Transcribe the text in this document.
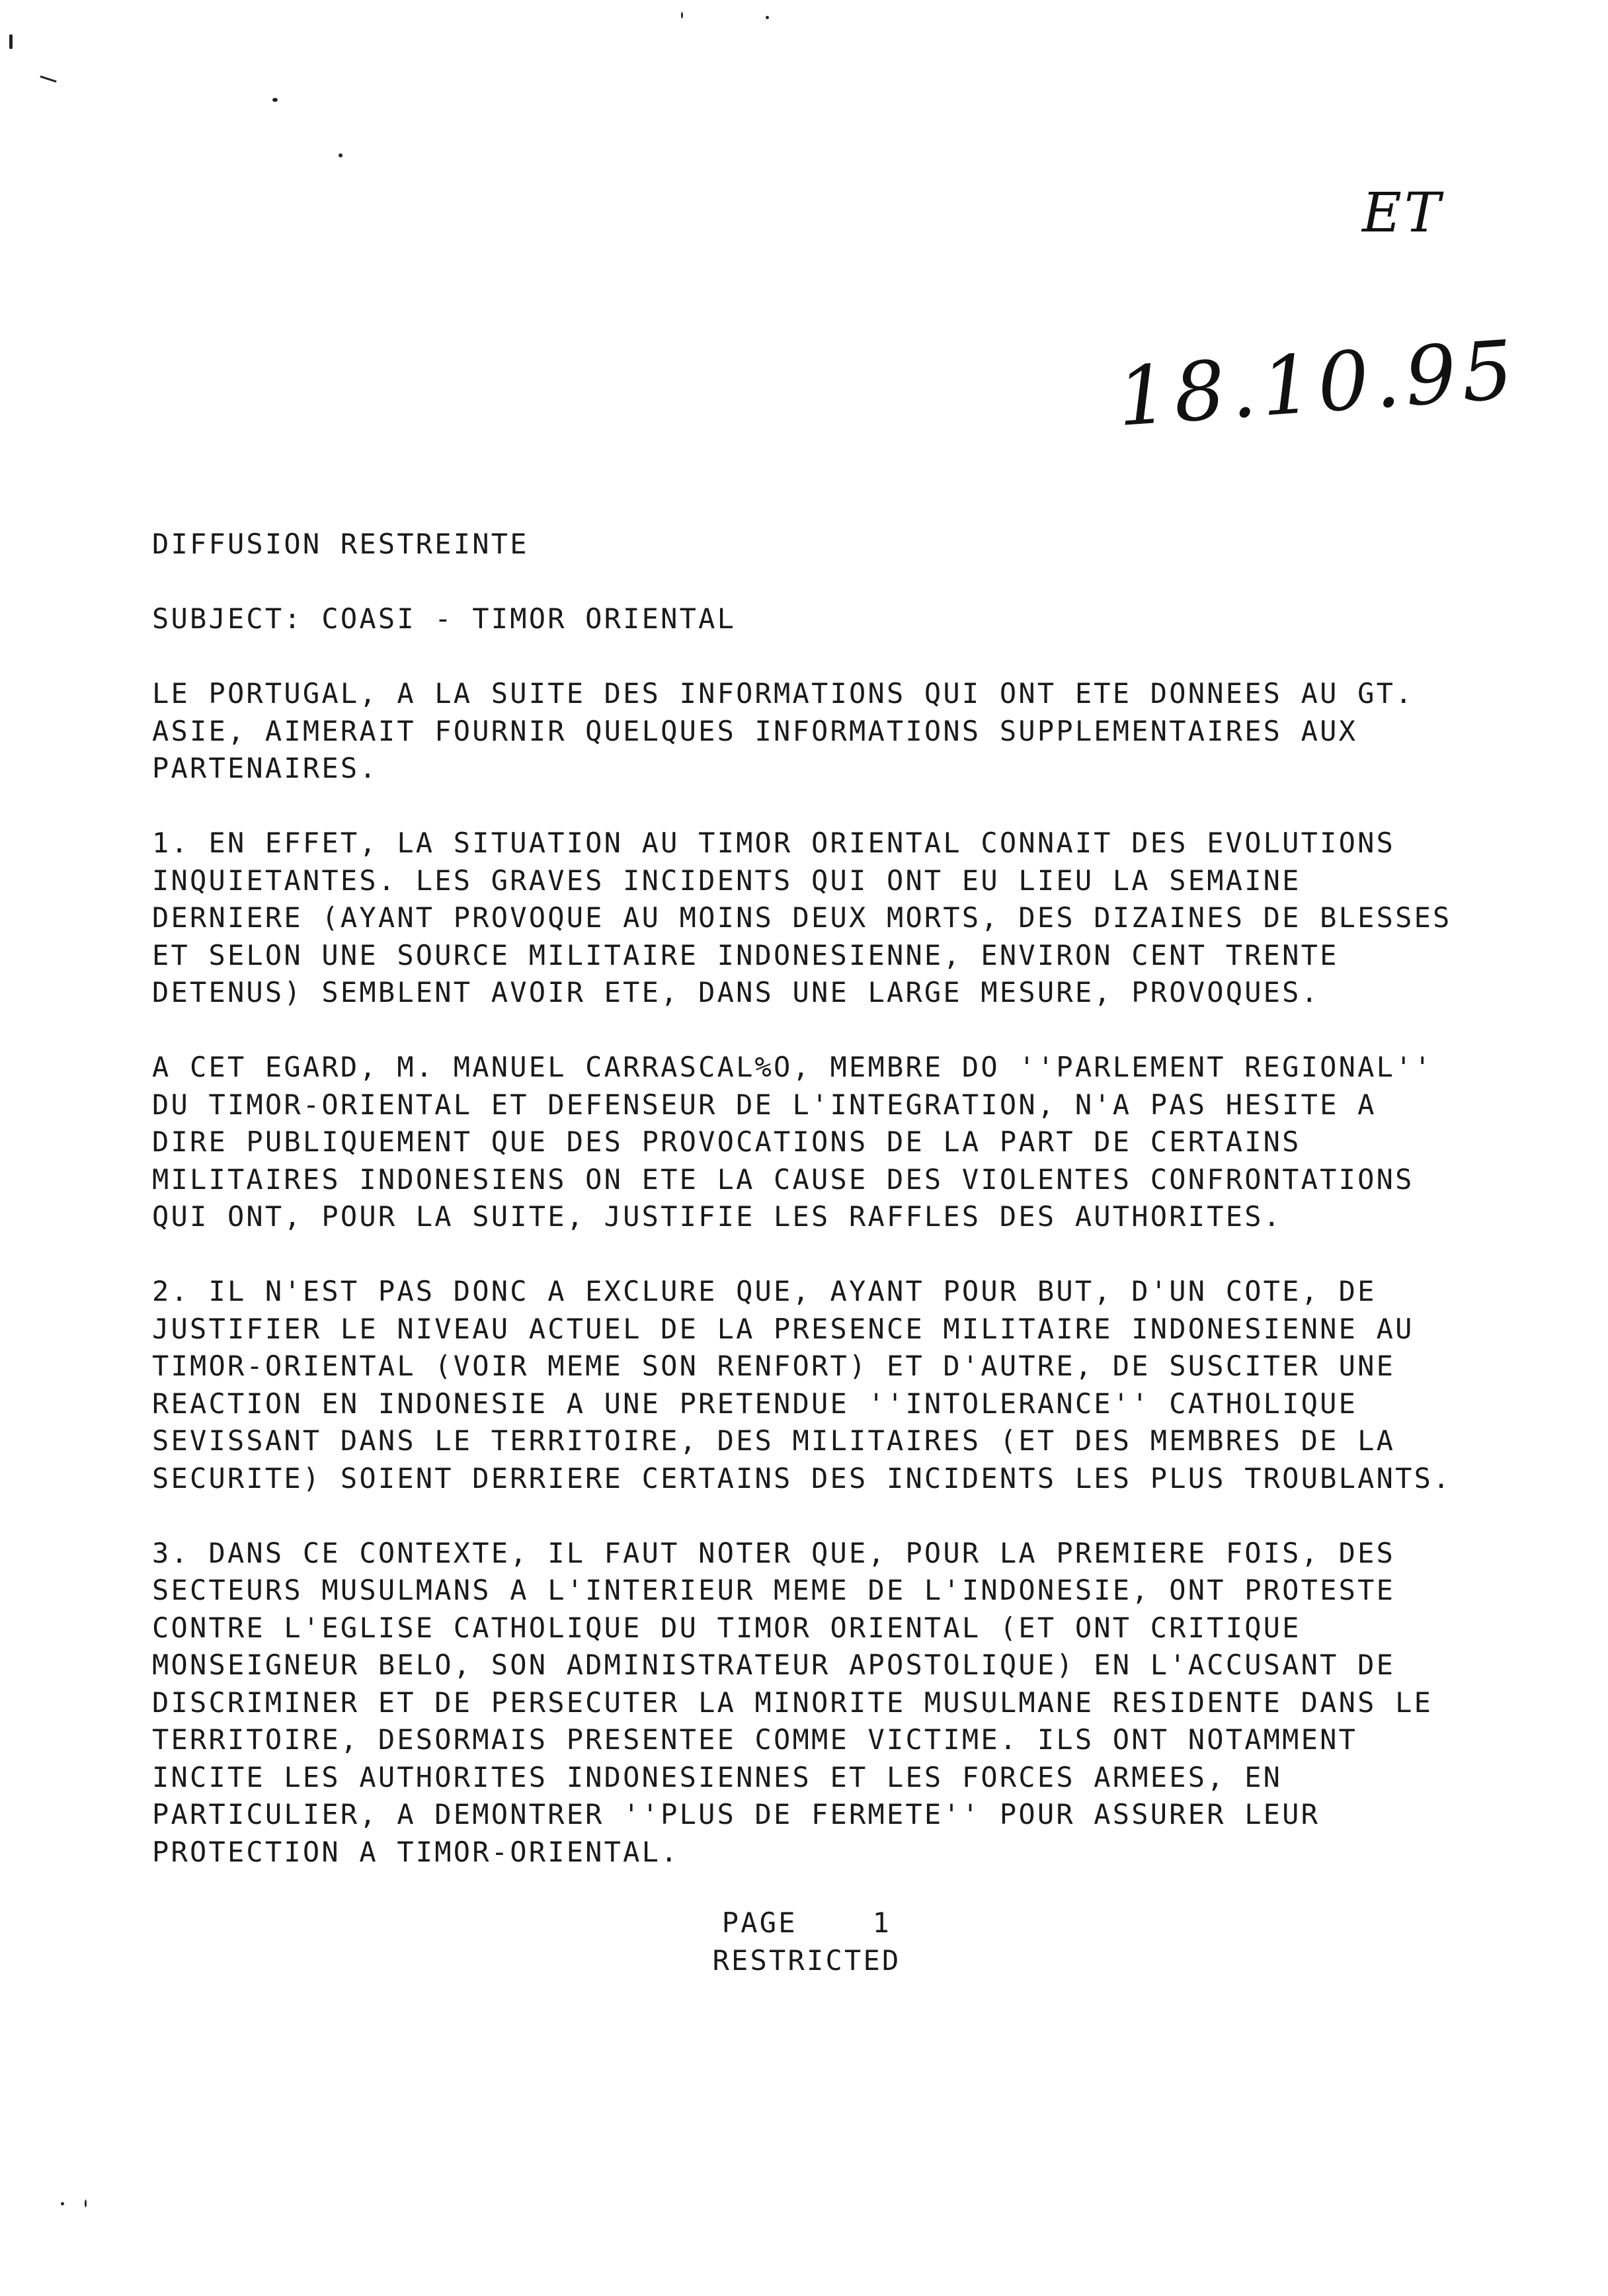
ET
18.10.95
DIFFUSION RESTREINTE
SUBJECT: COASI - TIMOR ORIENTAL
LE PORTUGAL, A LA SUITE DES INFORMATIONS QUI ONT ETE DONNEES AU GT.
ASIE, AIMERAIT FOURNIR QUELQUES INFORMATIONS SUPPLEMENTAIRES AUX
PARTENAIRES.
1. EN EFFET, LA SITUATION AU TIMOR ORIENTAL CONNAIT DES EVOLUTIONS
INQUIETANTES. LES GRAVES INCIDENTS QUI ONT EU LIEU LA SEMAINE
DERNIERE (AYANT PROVOQUE AU MOINS DEUX MORTS, DES DIZAINES DE BLESSES
ET SELON UNE SOURCE MILITAIRE INDONESIENNE, ENVIRON CENT TRENTE
DETENUS) SEMBLENT AVOIR ETE, DANS UNE LARGE MESURE, PROVOQUES.
A CET EGARD, M. MANUEL CARRASCAL%O, MEMBRE DO ''PARLEMENT REGIONAL''
DU TIMOR-ORIENTAL ET DEFENSEUR DE L'INTEGRATION, N'A PAS HESITE A
DIRE PUBLIQUEMENT QUE DES PROVOCATIONS DE LA PART DE CERTAINS
MILITAIRES INDONESIENS ON ETE LA CAUSE DES VIOLENTES CONFRONTATIONS
QUI ONT, POUR LA SUITE, JUSTIFIE LES RAFFLES DES AUTHORITES.
2. IL N'EST PAS DONC A EXCLURE QUE, AYANT POUR BUT, D'UN COTE, DE
JUSTIFIER LE NIVEAU ACTUEL DE LA PRESENCE MILITAIRE INDONESIENNE AU
TIMOR-ORIENTAL (VOIR MEME SON RENFORT) ET D'AUTRE, DE SUSCITER UNE
REACTION EN INDONESIE A UNE PRETENDUE ''INTOLERANCE'' CATHOLIQUE
SEVISSANT DANS LE TERRITOIRE, DES MILITAIRES (ET DES MEMBRES DE LA
SECURITE) SOIENT DERRIERE CERTAINS DES INCIDENTS LES PLUS TROUBLANTS.
3. DANS CE CONTEXTE, IL FAUT NOTER QUE, POUR LA PREMIERE FOIS, DES
SECTEURS MUSULMANS A L'INTERIEUR MEME DE L'INDONESIE, ONT PROTESTE
CONTRE L'EGLISE CATHOLIQUE DU TIMOR ORIENTAL (ET ONT CRITIQUE
MONSEIGNEUR BELO, SON ADMINISTRATEUR APOSTOLIQUE) EN L'ACCUSANT DE
DISCRIMINER ET DE PERSECUTER LA MINORITE MUSULMANE RESIDENTE DANS LE
TERRITOIRE, DESORMAIS PRESENTEE COMME VICTIME. ILS ONT NOTAMMENT
INCITE LES AUTHORITES INDONESIENNES ET LES FORCES ARMEES, EN
PARTICULIER, A DEMONTRER ''PLUS DE FERMETE'' POUR ASSURER LEUR
PROTECTION A TIMOR-ORIENTAL.
PAGE    1
RESTRICTED
